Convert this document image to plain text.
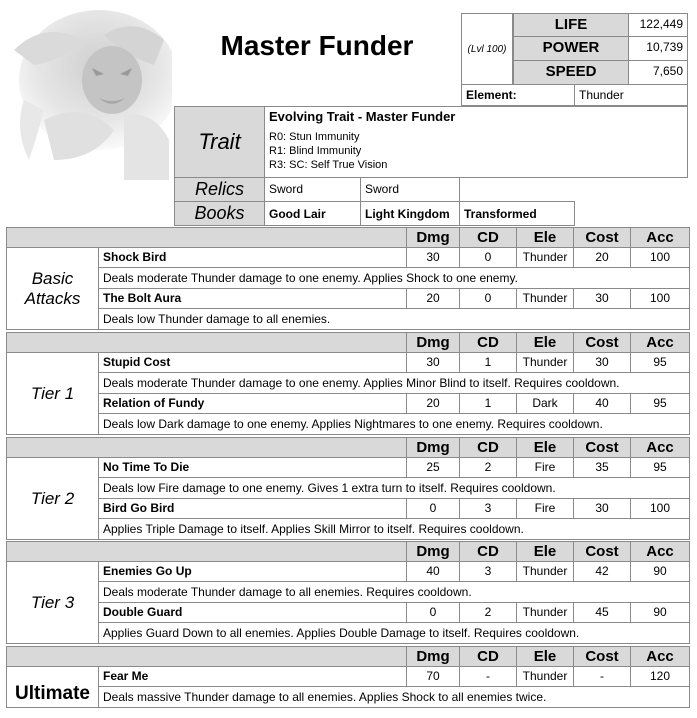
Master Funder	(Lvl 100)
LIFE	122,449
POWER	10,739
SPEED	7,650
Element:	Thunder
Trait
Evolving Trait - Master Funder
R0: Stun Immunity
R1: Blind Immunity
R3: SC: Self True Vision
Relics	Sword	Sword
Books	Good Lair	Light Kingdom	Transformed
Dmg	CD	Ele	Cost	Acc
Basic Attacks
Shock Bird	30	0	Thunder	20	100
Deals moderate Thunder damage to one enemy. Applies Shock to one enemy.
The Bolt Aura	20	0	Thunder	30	100
Deals low Thunder damage to all enemies.
Dmg	CD	Ele	Cost	Acc
Tier 1
Stupid Cost	30	1	Thunder	30	95
Deals moderate Thunder damage to one enemy. Applies Minor Blind to itself. Requires cooldown.
Relation of Fundy	20	1	Dark	40	95
Deals low Dark damage to one enemy. Applies Nightmares to one enemy. Requires cooldown.
Dmg	CD	Ele	Cost	Acc
Tier 2
No Time To Die	25	2	Fire	35	95
Deals low Fire damage to one enemy. Gives 1 extra turn to itself. Requires cooldown.
Bird Go Bird	0	3	Fire	30	100
Applies Triple Damage to itself. Applies Skill Mirror to itself. Requires cooldown.
Dmg	CD	Ele	Cost	Acc
Tier 3
Enemies Go Up	40	3	Thunder	42	90
Deals moderate Thunder damage to all enemies. Requires cooldown.
Double Guard	0	2	Thunder	45	90
Applies Guard Down to all enemies. Applies Double Damage to itself. Requires cooldown.
Dmg	CD	Ele	Cost	Acc
Ultimate
Fear Me	70	-	Thunder	-	120
Deals massive Thunder damage to all enemies. Applies Shock to all enemies twice.
